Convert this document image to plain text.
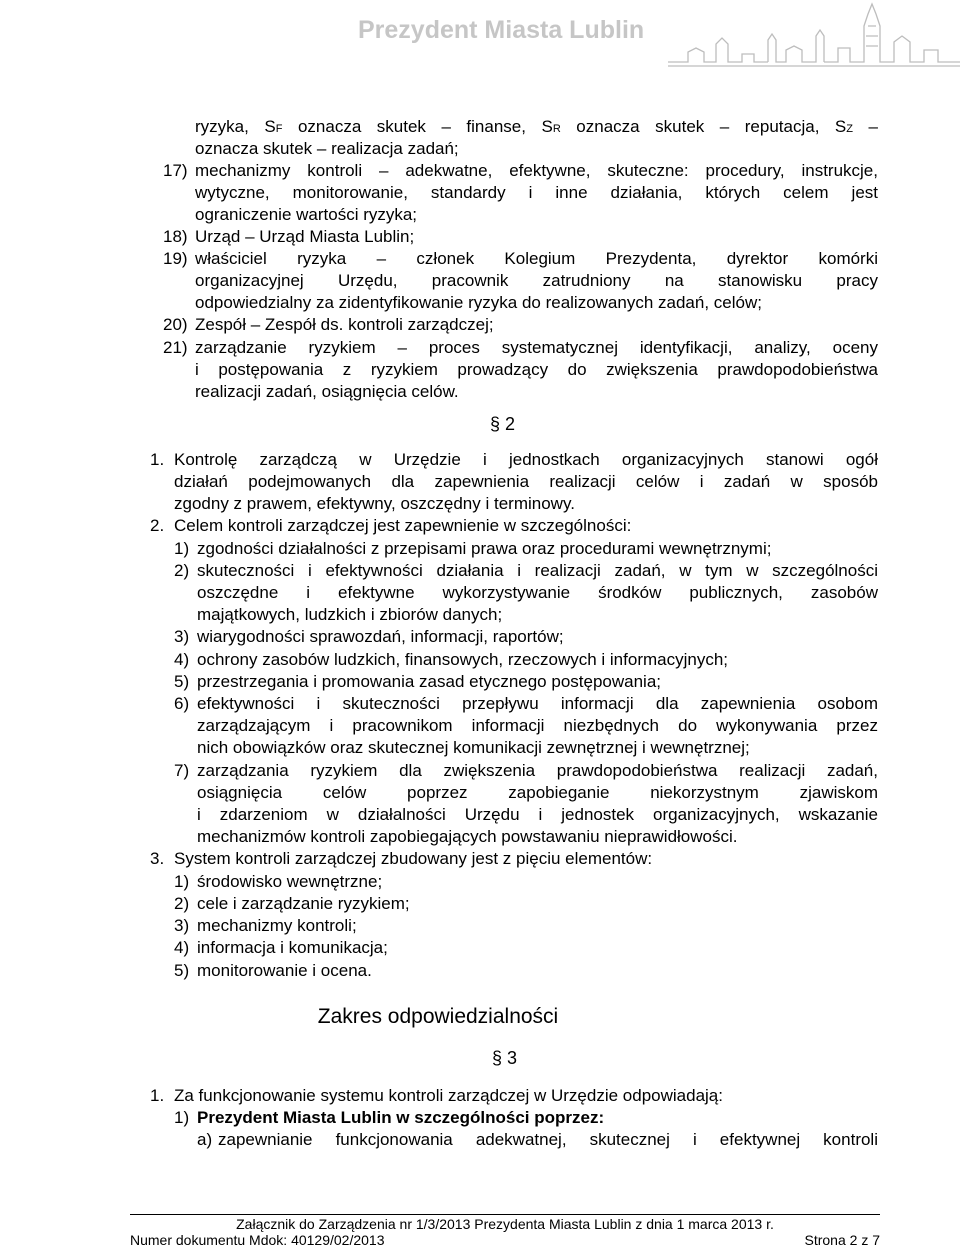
Prezydent Miasta Lublin
ryzyka, SF oznacza skutek – finanse, SR oznacza skutek – reputacja, SZ –
oznacza skutek – realizacja zadań;
17) mechanizmy kontroli – adekwatne, efektywne, skuteczne: procedury, instrukcje,
wytyczne, monitorowanie, standardy i inne działania, których celem jest
ograniczenie wartości ryzyka;
18) Urząd – Urząd Miasta Lublin;
19) właściciel ryzyka – członek Kolegium Prezydenta, dyrektor komórki
organizacyjnej Urzędu, pracownik zatrudniony na stanowisku pracy
odpowiedzialny za zidentyfikowanie ryzyka do realizowanych zadań, celów;
20) Zespół – Zespół ds. kontroli zarządczej;
21) zarządzanie ryzykiem – proces systematycznej identyfikacji, analizy, oceny
i postępowania z ryzykiem prowadzący do zwiększenia prawdopodobieństwa
realizacji zadań, osiągnięcia celów.
§ 2
1. Kontrolę zarządczą w Urzędzie i jednostkach organizacyjnych stanowi ogół
działań podejmowanych dla zapewnienia realizacji celów i zadań w sposób
zgodny z prawem, efektywny, oszczędny i terminowy.
2. Celem kontroli zarządczej jest zapewnienie w szczególności:
1) zgodności działalności z przepisami prawa oraz procedurami wewnętrznymi;
2) skuteczności i efektywności działania i realizacji zadań, w tym w szczególności
oszczędne i efektywne wykorzystywanie środków publicznych, zasobów
majątkowych, ludzkich i zbiorów danych;
3) wiarygodności sprawozdań, informacji, raportów;
4) ochrony zasobów ludzkich, finansowych, rzeczowych i informacyjnych;
5) przestrzegania i promowania zasad etycznego postępowania;
6) efektywności i skuteczności przepływu informacji dla zapewnienia osobom
zarządzającym i pracownikom informacji niezbędnych do wykonywania przez
nich obowiązków oraz skutecznej komunikacji zewnętrznej i wewnętrznej;
7) zarządzania ryzykiem dla zwiększenia prawdopodobieństwa realizacji zadań,
osiągnięcia celów poprzez zapobieganie niekorzystnym zjawiskom
i zdarzeniom w działalności Urzędu i jednostek organizacyjnych, wskazanie
mechanizmów kontroli zapobiegających powstawaniu nieprawidłowości.
3. System kontroli zarządczej zbudowany jest z pięciu elementów:
1) środowisko wewnętrzne;
2) cele i zarządzanie ryzykiem;
3) mechanizmy kontroli;
4) informacja i komunikacja;
5) monitorowanie i ocena.
Zakres odpowiedzialności
§ 3
1. Za funkcjonowanie systemu kontroli zarządczej w Urzędzie odpowiadają:
1) Prezydent Miasta Lublin w szczególności poprzez:
a) zapewnianie funkcjonowania adekwatnej, skutecznej i efektywnej kontroli
Załącznik do Zarządzenia nr 1/3/2013 Prezydenta Miasta Lublin z dnia 1 marca 2013 r.
Numer dokumentu Mdok: 40129/02/2013	Strona 2 z 7
